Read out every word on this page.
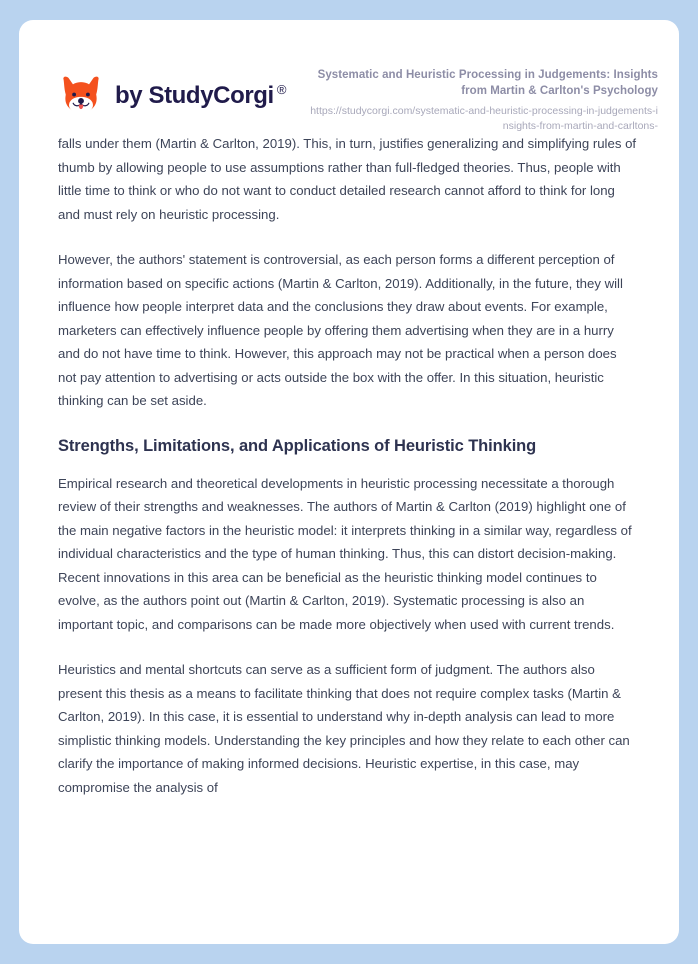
by StudyCorgi ®
Systematic and Heuristic Processing in Judgements: Insights from Martin & Carlton's Psychology
https://studycorgi.com/systematic-and-heuristic-processing-in-judgements-insights-from-martin-and-carltons-

falls under them (Martin & Carlton, 2019). This, in turn, justifies generalizing and simplifying rules of thumb by allowing people to use assumptions rather than full-fledged theories. Thus, people with little time to think or who do not want to conduct detailed research cannot afford to think for long and must rely on heuristic processing.

However, the authors' statement is controversial, as each person forms a different perception of information based on specific actions (Martin & Carlton, 2019). Additionally, in the future, they will influence how people interpret data and the conclusions they draw about events. For example, marketers can effectively influence people by offering them advertising when they are in a hurry and do not have time to think. However, this approach may not be practical when a person does not pay attention to advertising or acts outside the box with the offer. In this situation, heuristic thinking can be set aside.

Strengths, Limitations, and Applications of Heuristic Thinking

Empirical research and theoretical developments in heuristic processing necessitate a thorough review of their strengths and weaknesses. The authors of Martin & Carlton (2019) highlight one of the main negative factors in the heuristic model: it interprets thinking in a similar way, regardless of individual characteristics and the type of human thinking. Thus, this can distort decision-making. Recent innovations in this area can be beneficial as the heuristic thinking model continues to evolve, as the authors point out (Martin & Carlton, 2019). Systematic processing is also an important topic, and comparisons can be made more objectively when used with current trends.

Heuristics and mental shortcuts can serve as a sufficient form of judgment. The authors also present this thesis as a means to facilitate thinking that does not require complex tasks (Martin & Carlton, 2019). In this case, it is essential to understand why in-depth analysis can lead to more simplistic thinking models. Understanding the key principles and how they relate to each other can clarify the importance of making informed decisions. Heuristic expertise, in this case, may compromise the analysis of
